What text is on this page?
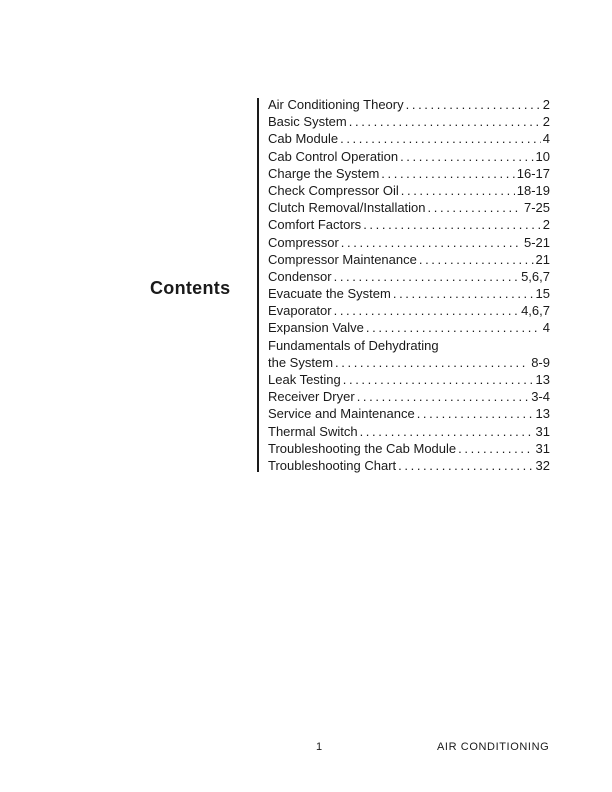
Contents
Air Conditioning Theory . . .	2
Basic System . . .	2
Cab Module . . .	4
Cab Control Operation . . .	10
Charge the System . . .	16-17
Check Compressor Oil . . .	18-19
Clutch Removal/Installation . . .	7-25
Comfort Factors . . .	2
Compressor . . .	5-21
Compressor Maintenance . . .	21
Condensor . . .	5,6,7
Evacuate the System . . .	15
Evaporator . . .	4,6,7
Expansion Valve . . .	4
Fundamentals of Dehydrating
the System . . .	8-9
Leak Testing . . .	13
Receiver Dryer . . .	3-4
Service and Maintenance . . .	13
Thermal Switch . . .	31
Troubleshooting the Cab Module . . .	31
Troubleshooting Chart . . .	32
1	AIR CONDITIONING
